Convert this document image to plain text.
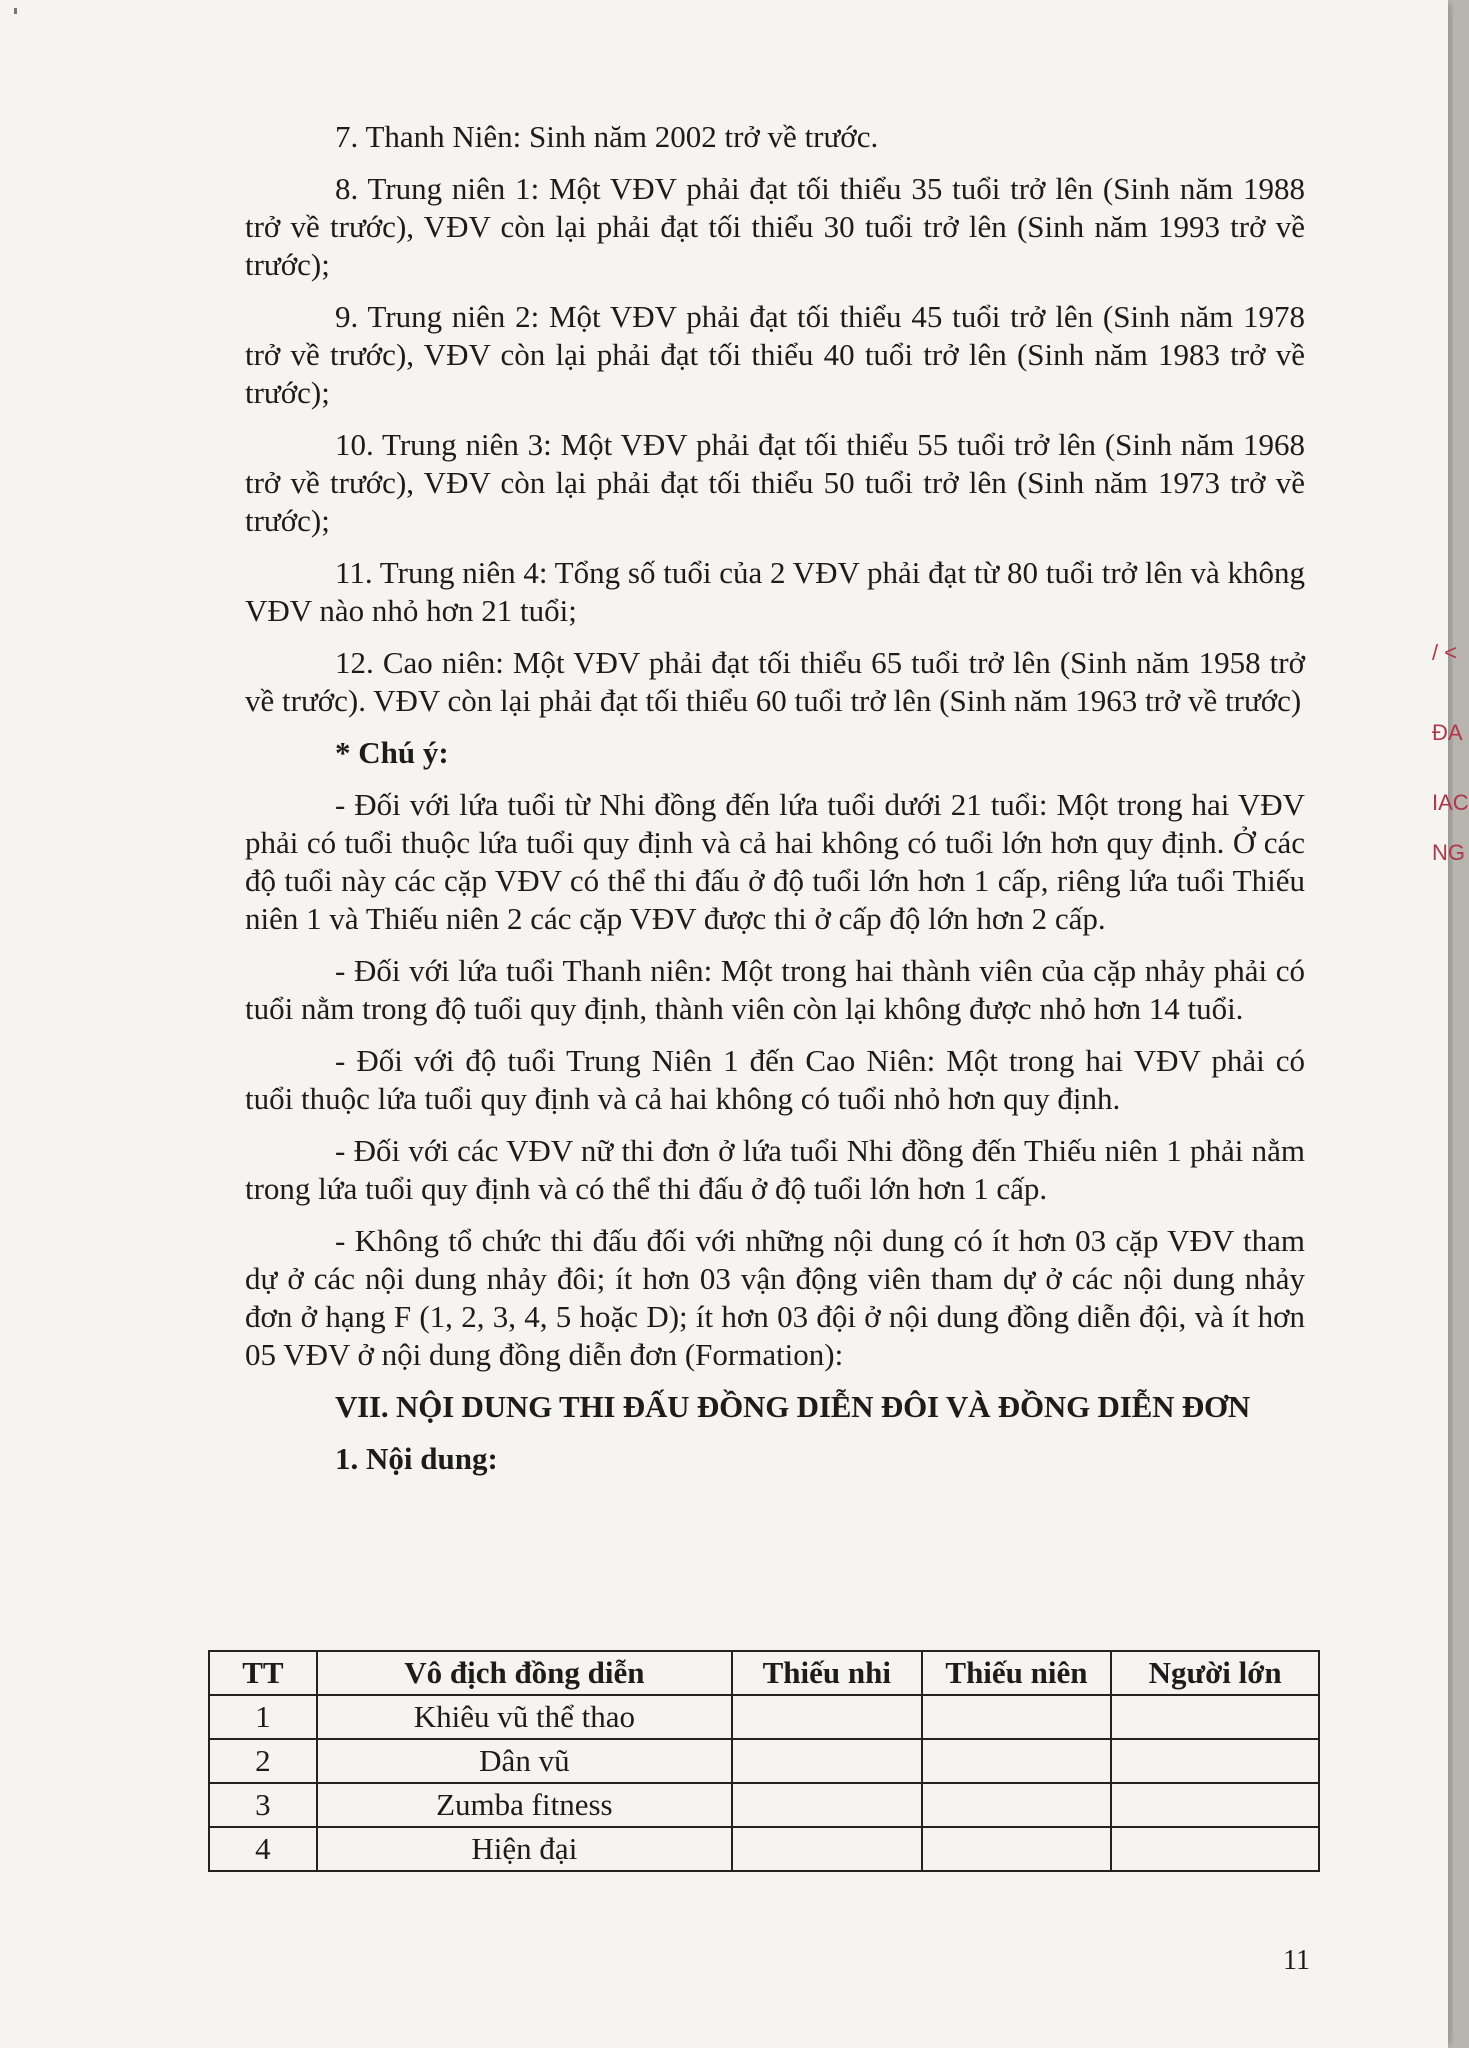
7. Thanh Niên: Sinh năm 2002 trở về trước.

8. Trung niên 1: Một VĐV phải đạt tối thiểu 35 tuổi trở lên (Sinh năm 1988 trở về trước), VĐV còn lại phải đạt tối thiểu 30 tuổi trở lên (Sinh năm 1993 trở về trước);

9. Trung niên 2: Một VĐV phải đạt tối thiểu 45 tuổi trở lên (Sinh năm 1978 trở về trước), VĐV còn lại phải đạt tối thiểu 40 tuổi trở lên (Sinh năm 1983 trở về trước);

10. Trung niên 3: Một VĐV phải đạt tối thiểu 55 tuổi trở lên (Sinh năm 1968 trở về trước), VĐV còn lại phải đạt tối thiểu 50 tuổi trở lên (Sinh năm 1973 trở về trước);

11. Trung niên 4: Tổng số tuổi của 2 VĐV phải đạt từ 80 tuổi trở lên và không VĐV nào nhỏ hơn 21 tuổi;

12. Cao niên: Một VĐV phải đạt tối thiểu 65 tuổi trở lên (Sinh năm 1958 trở về trước). VĐV còn lại phải đạt tối thiểu 60 tuổi trở lên (Sinh năm 1963 trở về trước)

* Chú ý:

- Đối với lứa tuổi từ Nhi đồng đến lứa tuổi dưới 21 tuổi: Một trong hai VĐV phải có tuổi thuộc lứa tuổi quy định và cả hai không có tuổi lớn hơn quy định. Ở các độ tuổi này các cặp VĐV có thể thi đấu ở độ tuổi lớn hơn 1 cấp, riêng lứa tuổi Thiếu niên 1 và Thiếu niên 2 các cặp VĐV được thi ở cấp độ lớn hơn 2 cấp.

- Đối với lứa tuổi Thanh niên: Một trong hai thành viên của cặp nhảy phải có tuổi nằm trong độ tuổi quy định, thành viên còn lại không được nhỏ hơn 14 tuổi.

- Đối với độ tuổi Trung Niên 1 đến Cao Niên: Một trong hai VĐV phải có tuổi thuộc lứa tuổi quy định và cả hai không có tuổi nhỏ hơn quy định.

- Đối với các VĐV nữ thi đơn ở lứa tuổi Nhi đồng đến Thiếu niên 1 phải nằm trong lứa tuổi quy định và có thể thi đấu ở độ tuổi lớn hơn 1 cấp.

- Không tổ chức thi đấu đối với những nội dung có ít hơn 03 cặp VĐV tham dự ở các nội dung nhảy đôi; ít hơn 03 vận động viên tham dự ở các nội dung nhảy đơn ở hạng F (1, 2, 3, 4, 5 hoặc D); ít hơn 03 đội ở nội dung đồng diễn đội, và ít hơn 05 VĐV ở nội dung đồng diễn đơn (Formation):

VII. NỘI DUNG THI ĐẤU ĐỒNG DIỄN ĐÔI VÀ ĐỒNG DIỄN ĐƠN

1. Nội dung:

TT	Vô địch đồng diễn	Thiếu nhi	Thiếu niên	Người lớn
1	Khiêu vũ thể thao			
2	Dân vũ			
3	Zumba fitness			
4	Hiện đại			
11
/ <
ĐA
IAC
NG
